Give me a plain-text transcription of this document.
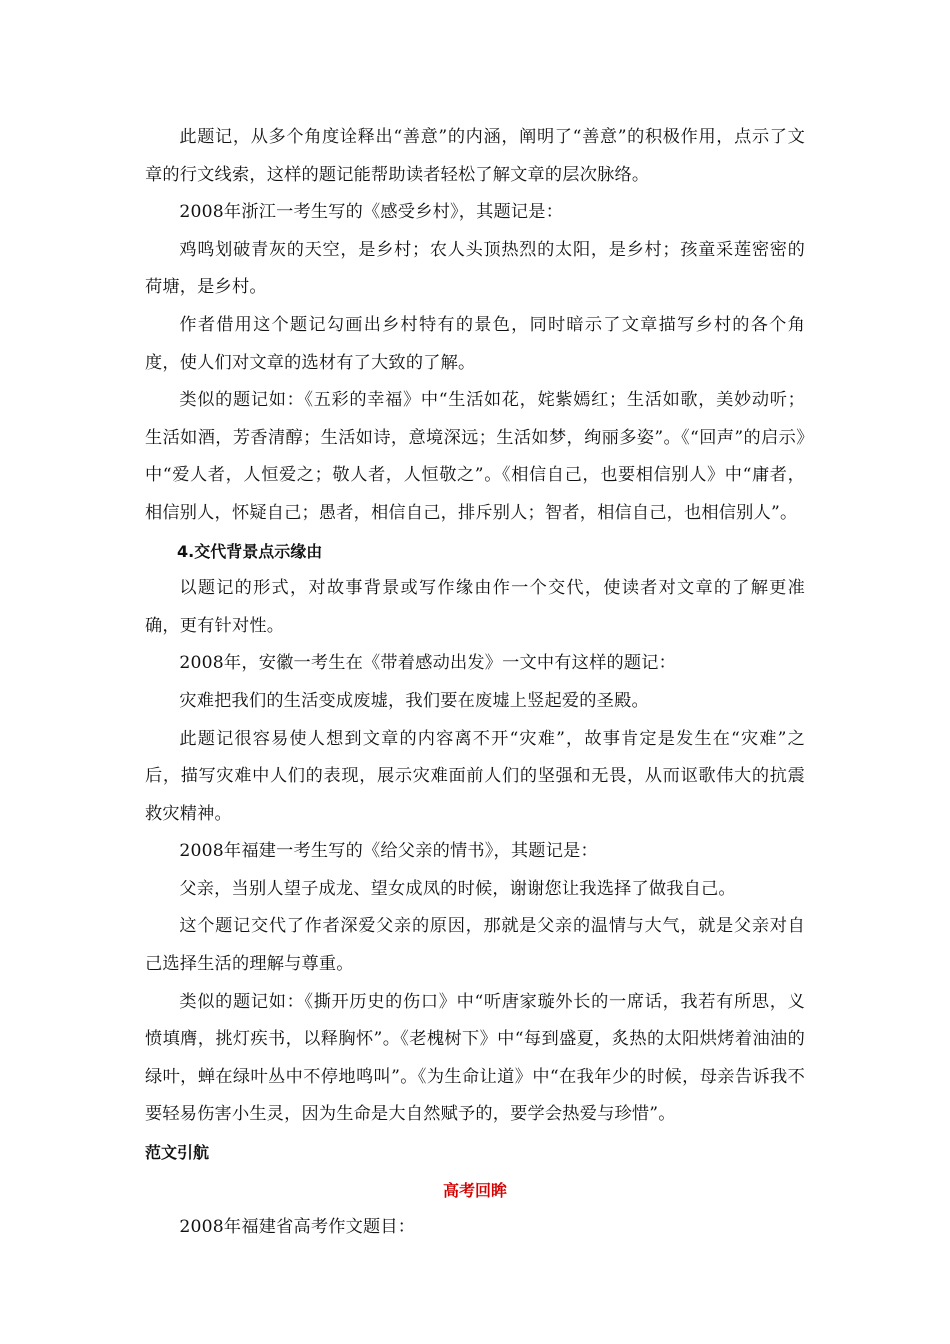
此题记，从多个角度诠释出“善意”的内涵，阐明了“善意”的积极作用，点示了文章的行文线索，这样的题记能帮助读者轻松了解文章的层次脉络。

2008年浙江一考生写的《感受乡村》，其题记是：

鸡鸣划破青灰的天空，是乡村；农人头顶热烈的太阳，是乡村；孩童采莲密密的荷塘，是乡村。

作者借用这个题记勾画出乡村特有的景色，同时暗示了文章描写乡村的各个角度，使人们对文章的选材有了大致的了解。

类似的题记如：《五彩的幸福》中“生活如花，姹紫嫣红；生活如歌，美妙动听；生活如酒，芳香清醇；生活如诗，意境深远；生活如梦，绚丽多姿”。《“回声”的启示》中“爱人者，人恒爱之；敬人者，人恒敬之”。《相信自己，也要相信别人》中“庸者，相信别人，怀疑自己；愚者，相信自己，排斥别人；智者，相信自己，也相信别人”。

4.交代背景点示缘由

以题记的形式，对故事背景或写作缘由作一个交代，使读者对文章的了解更准确，更有针对性。

2008年，安徽一考生在《带着感动出发》一文中有这样的题记：

灾难把我们的生活变成废墟，我们要在废墟上竖起爱的圣殿。

此题记很容易使人想到文章的内容离不开“灾难”，故事肯定是发生在“灾难”之后，描写灾难中人们的表现，展示灾难面前人们的坚强和无畏，从而讴歌伟大的抗震救灾精神。

2008年福建一考生写的《给父亲的情书》，其题记是：

父亲，当别人望子成龙、望女成凤的时候，谢谢您让我选择了做我自己。

这个题记交代了作者深爱父亲的原因，那就是父亲的温情与大气，就是父亲对自己选择生活的理解与尊重。

类似的题记如：《撕开历史的伤口》中“听唐家璇外长的一席话，我若有所思，义愤填膺，挑灯疾书，以释胸怀”。《老槐树下》中“每到盛夏，炙热的太阳烘烤着油油的绿叶，蝉在绿叶丛中不停地鸣叫”。《为生命让道》中“在我年少的时候，母亲告诉我不要轻易伤害小生灵，因为生命是大自然赋予的，要学会热爱与珍惜”。

范文引航

高考回眸

2008年福建省高考作文题目：
